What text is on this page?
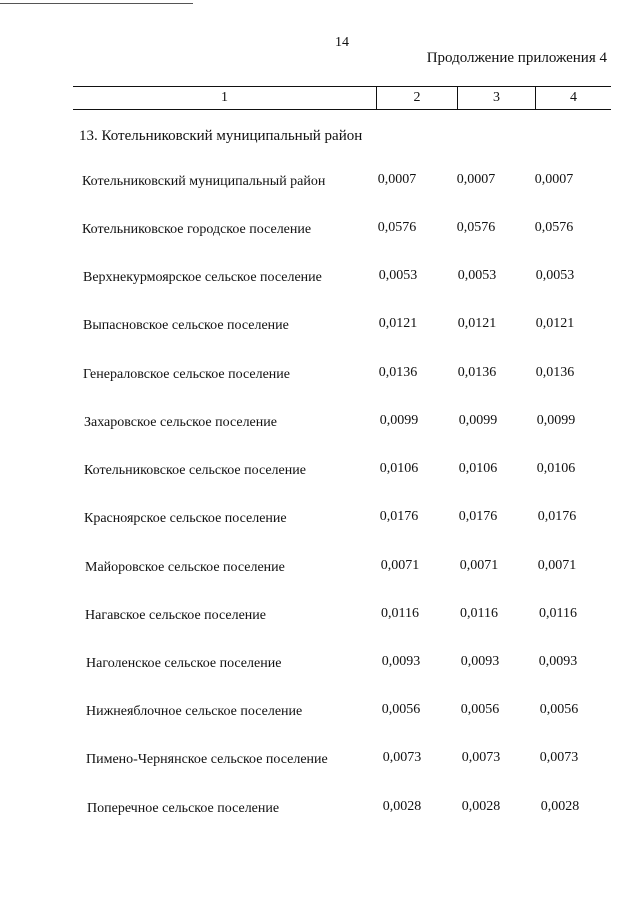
14
Продолжение приложения 4
1	2	3	4
13. Котельниковский муниципальный район
Котельниковский муниципальный район	0,0007	0,0007	0,0007
Котельниковское городское поселение	0,0576	0,0576	0,0576
Верхнекурмоярское сельское поселение	0,0053	0,0053	0,0053
Выпасновское сельское поселение	0,0121	0,0121	0,0121
Генераловское сельское поселение	0,0136	0,0136	0,0136
Захаровское сельское поселение	0,0099	0,0099	0,0099
Котельниковское сельское поселение	0,0106	0,0106	0,0106
Красноярское сельское поселение	0,0176	0,0176	0,0176
Майоровское сельское поселение	0,0071	0,0071	0,0071
Нагавское сельское поселение	0,0116	0,0116	0,0116
Наголенское сельское поселение	0,0093	0,0093	0,0093
Нижнеяблочное сельское поселение	0,0056	0,0056	0,0056
Пимено-Чернянское сельское поселение	0,0073	0,0073	0,0073
Поперечное сельское поселение	0,0028	0,0028	0,0028
